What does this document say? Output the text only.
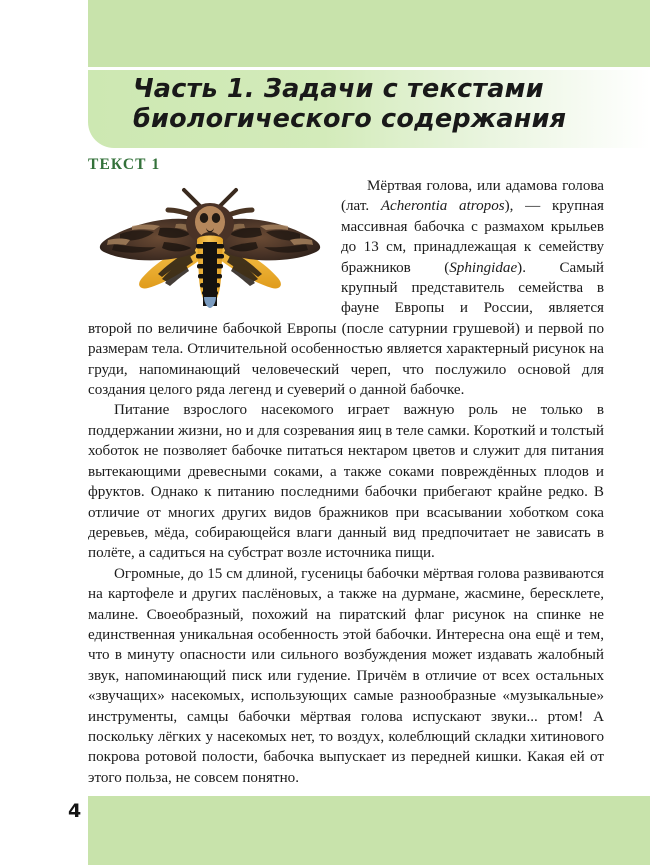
Часть 1. Задачи с текстами
биологического содержания
ТЕКСТ 1

Мёртвая голова, или адамова голова (лат. Acherontia atropos), — крупная массивная бабочка с размахом крыльев до 13 см, принадлежащая к семейству бражников (Sphingidae). Самый крупный представитель семейства в фауне Европы и России, является второй по величине бабочкой Европы (после сатурнии грушевой) и первой по размерам тела. Отличительной особенностью является характерный рисунок на груди, напоминающий человеческий череп, что послужило основой для создания целого ряда легенд и суеверий о данной бабочке.

Питание взрослого насекомого играет важную роль не только в поддержании жизни, но и для созревания яиц в теле самки. Короткий и толстый хоботок не позволяет бабочке питаться нектаром цветов и служит для питания вытекающими древесными соками, а также соками повреждённых плодов и фруктов. Однако к питанию последними бабочки прибегают крайне редко. В отличие от многих других видов бражников при всасывании хоботком сока деревьев, мёда, собирающейся влаги данный вид предпочитает не зависать в полёте, а садиться на субстрат возле источника пищи.

Огромные, до 15 см длиной, гусеницы бабочки мёртвая голова развиваются на картофеле и других паслёновых, а также на дурмане, жасмине, бересклете, малине. Своеобразный, похожий на пиратский флаг рисунок на спинке не единственная уникальная особенность этой бабочки. Интересна она ещё и тем, что в минуту опасности или сильного возбуждения может издавать жалобный звук, напоминающий писк или гудение. Причём в отличие от всех остальных «звучащих» насекомых, использующих самые разнообразные «музыкальные» инструменты, самцы бабочки мёртвая голова испускают звуки... ртом! А поскольку лёгких у насекомых нет, то воздух, колеблющий складки хитинового покрова ротовой полости, бабочка выпускает из передней кишки. Какая ей от этого польза, не совсем понятно.

4
